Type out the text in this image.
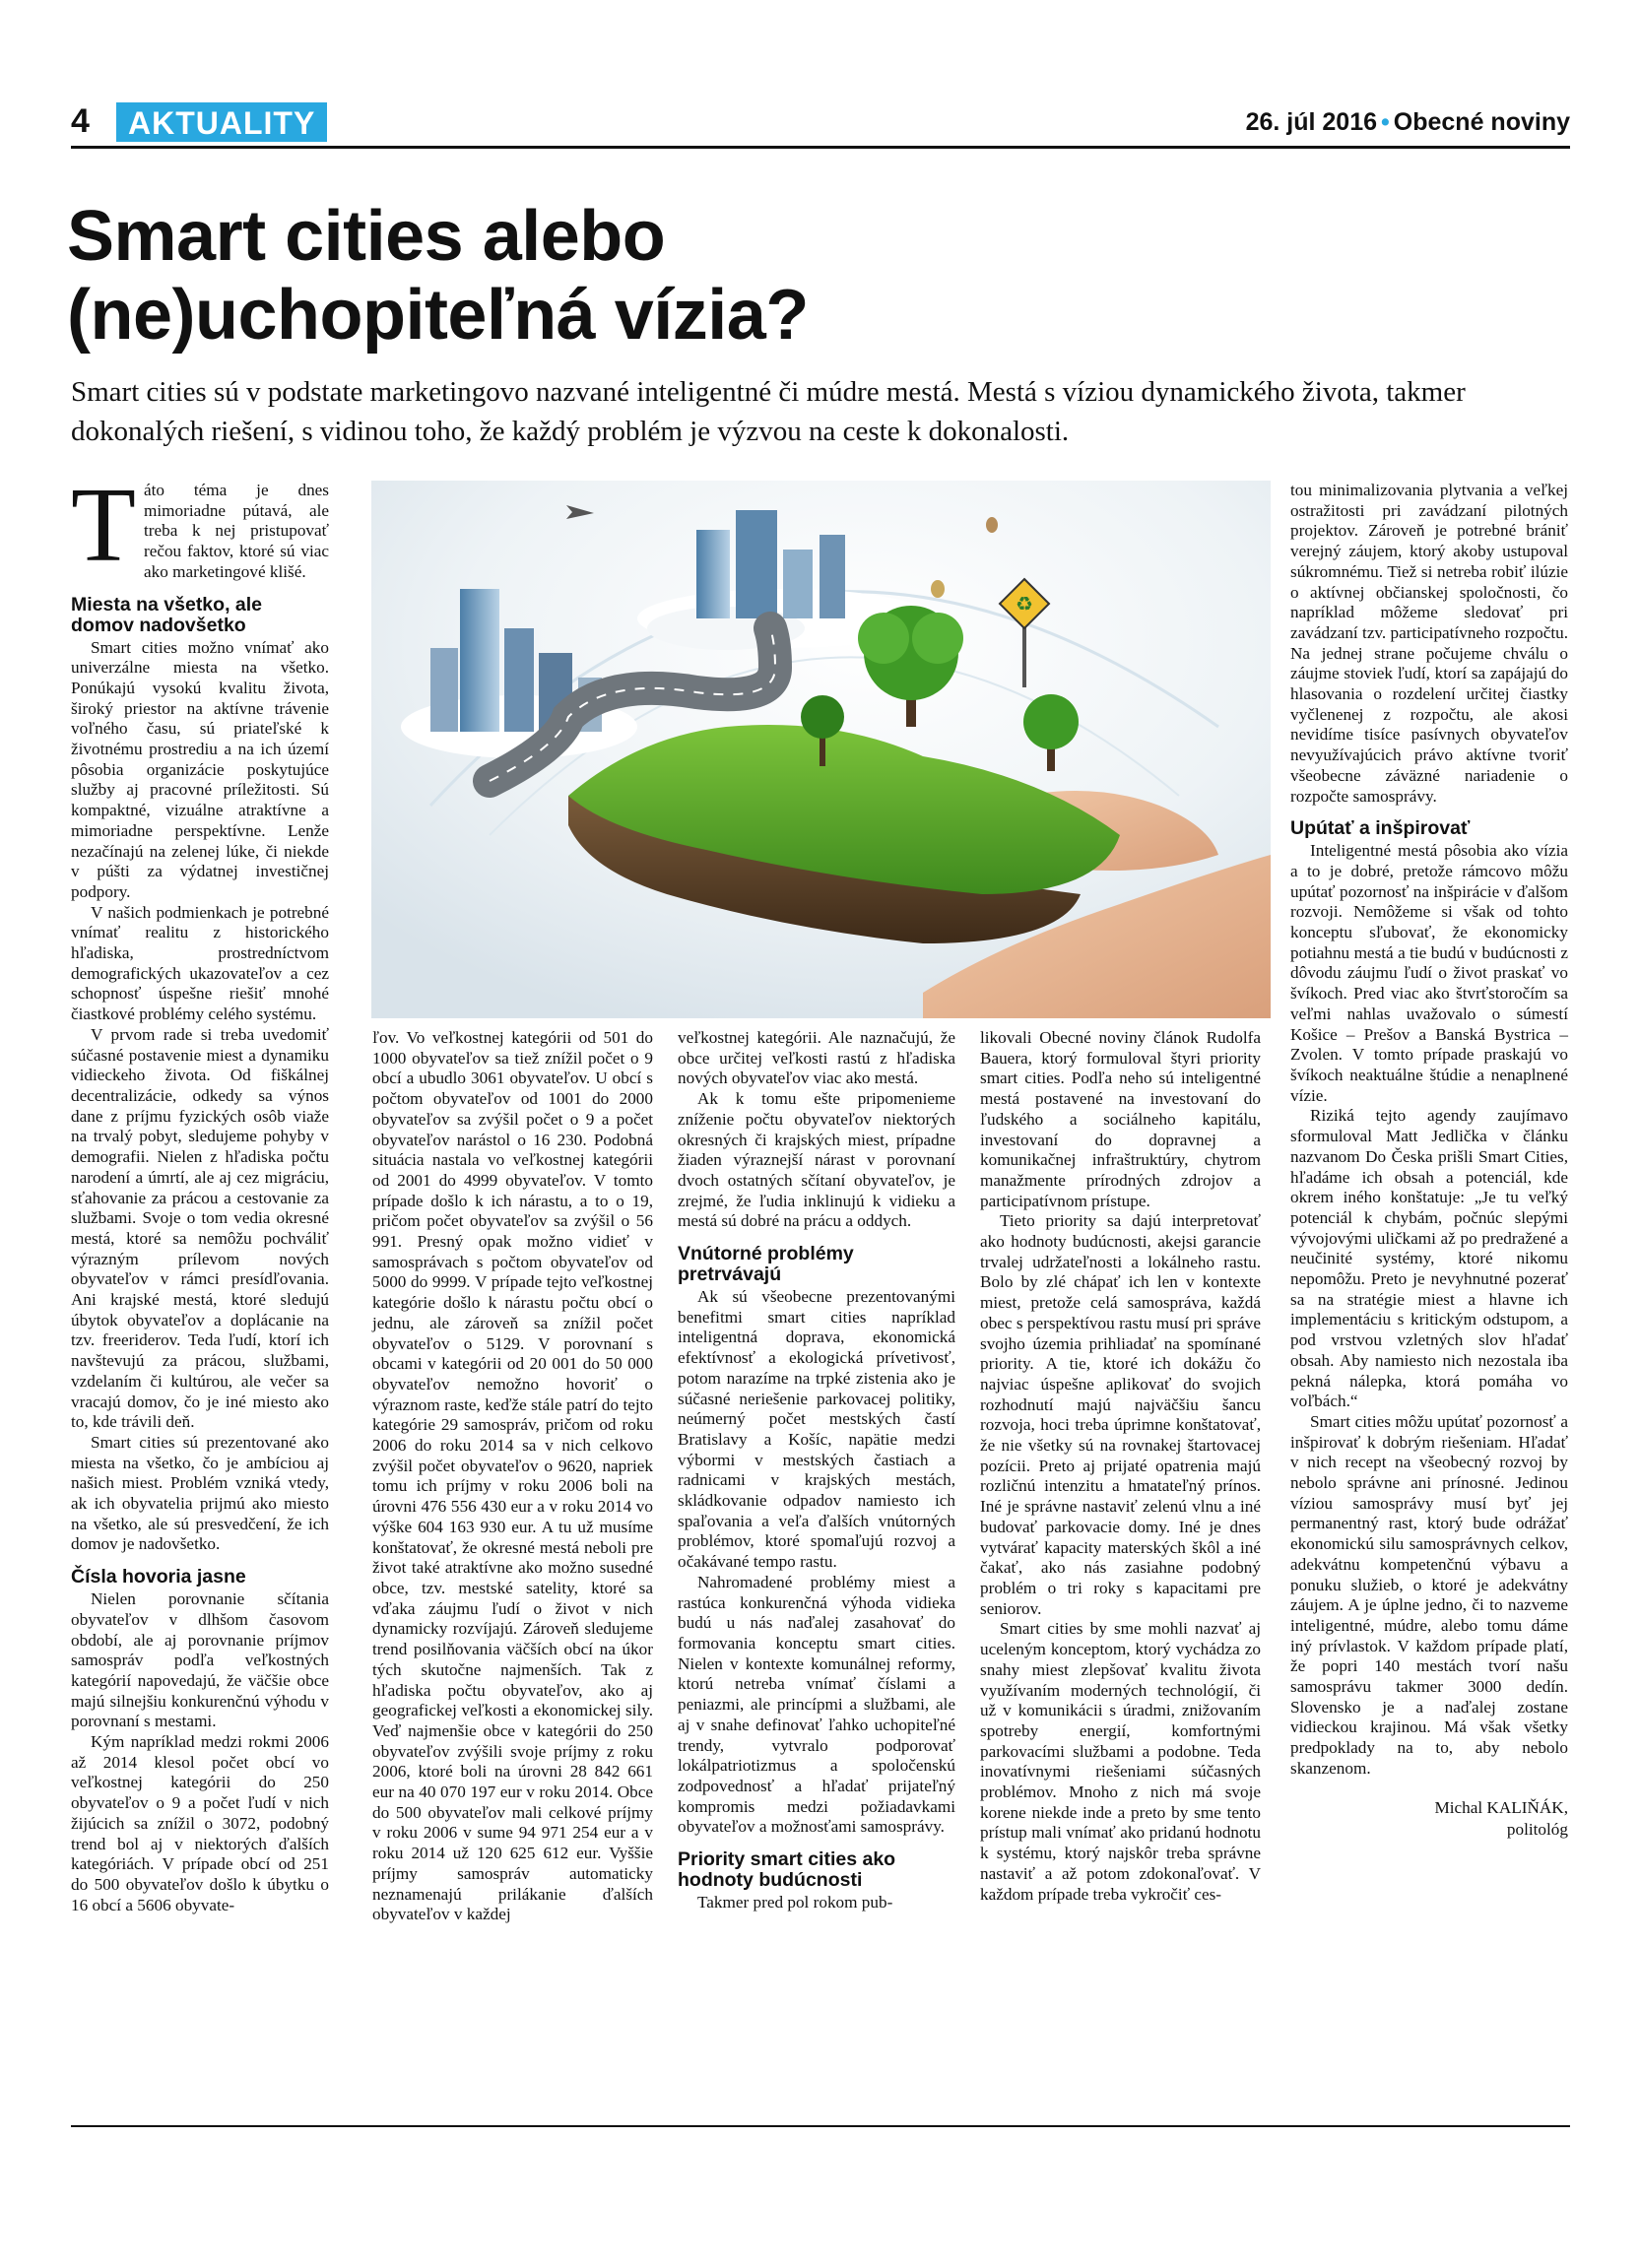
4	AKTUALITY	26. júl 2016 • Obecné noviny
Smart cities alebo
(ne)uchopiteľná vízia?

Smart cities sú v podstate marketingovo nazvané inteligentné či múdre mestá. Mestá s víziou dynamického života, takmer dokonalých riešení, s vidinou toho, že každý problém je výzvou na ceste k dokonalosti.

♻

Táto téma je dnes mimoriadne pútavá, ale treba k nej pristupovať rečou faktov, ktoré sú viac ako marketingové klišé.

Miesta na všetko, ale domov nadovšetko

Smart cities možno vnímať ako univerzálne miesta na všetko. Ponúkajú vysokú kvalitu života, široký priestor na aktívne trávenie voľného času, sú priateľské k životnému prostrediu a na ich území pôsobia organizácie poskytujúce služby aj pracovné príležitosti. Sú kompaktné, vizuálne atraktívne a mimoriadne perspektívne. Lenže nezačínajú na zelenej lúke, či niekde v púšti za výdatnej investičnej podpory.

V našich podmienkach je potrebné vnímať realitu z historického hľadiska, prostredníctvom demografických ukazovateľov a cez schopnosť úspešne riešiť mnohé čiastkové problémy celého systému.

V prvom rade si treba uvedomiť súčasné postavenie miest a dynamiku vidieckeho života. Od fiškálnej decentralizácie, odkedy sa výnos dane z príjmu fyzických osôb viaže na trvalý pobyt, sledujeme pohyby v demografii. Nielen z hľadiska počtu narodení a úmrtí, ale aj cez migráciu, sťahovanie za prácou a cestovanie za službami. Svoje o tom vedia okresné mestá, ktoré sa nemôžu pochváliť výrazným prílevom nových obyvateľov v rámci presídľovania. Ani krajské mestá, ktoré sledujú úbytok obyvateľov a doplácanie na tzv. freeriderov. Teda ľudí, ktorí ich navštevujú za prácou, službami, vzdelaním či kultúrou, ale večer sa vracajú domov, čo je iné miesto ako to, kde trávili deň.

Smart cities sú prezentované ako miesta na všetko, čo je ambíciou aj našich miest. Problém vzniká vtedy, ak ich obyvatelia prijmú ako miesto na všetko, ale sú presvedčení, že ich domov je nadovšetko.

Čísla hovoria jasne

Nielen porovnanie sčítania obyvateľov v dlhšom časovom období, ale aj porovnanie príjmov samospráv podľa veľkostných kategórií napovedajú, že väčšie obce majú silnejšiu konkurenčnú výhodu v porovnaní s mestami.

Kým napríklad medzi rokmi 2006 až 2014 klesol počet obcí vo veľkostnej kategórii do 250 obyvateľov o 9 a počet ľudí v nich žijúcich sa znížil o 3072, podobný trend bol aj v niektorých ďalších kategóriách. V prípade obcí od 251 do 500 obyvateľov došlo k úbytku o 16 obcí a 5606 obyvate-

ľov. Vo veľkostnej kategórii od 501 do 1000 obyvateľov sa tiež znížil počet o 9 obcí a ubudlo 3061 obyvateľov. U obcí s počtom obyvateľov od 1001 do 2000 obyvateľov sa zvýšil počet o 9 a počet obyvateľov narástol o 16 230. Podobná situácia nastala vo veľkostnej kategórii od 2001 do 4999 obyvateľov. V tomto prípade došlo k ich nárastu, a to o 19, pričom počet obyvateľov sa zvýšil o 56 991. Presný opak možno vidieť v samosprávach s počtom obyvateľov od 5000 do 9999. V prípade tejto veľkostnej kategórie došlo k nárastu počtu obcí o jednu, ale zároveň sa znížil počet obyvateľov o 5129. V porovnaní s obcami v kategórii od 20 001 do 50 000 obyvateľov nemožno hovoriť o výraznom raste, keďže stále patrí do tejto kategórie 29 samospráv, pričom od roku 2006 do roku 2014 sa v nich celkovo zvýšil počet obyvateľov o 9620, napriek tomu ich príjmy v roku 2006 boli na úrovni 476 556 430 eur a v roku 2014 vo výške 604 163 930 eur. A tu už musíme konštatovať, že okresné mestá neboli pre život také atraktívne ako možno susedné obce, tzv. mestské satelity, ktoré sa vďaka záujmu ľudí o život v nich dynamicky rozvíjajú. Zároveň sledujeme trend posilňovania väčších obcí na úkor tých skutočne najmenších. Tak z hľadiska počtu obyvateľov, ako aj geografickej veľkosti a ekonomickej sily. Veď najmenšie obce v kategórii do 250 obyvateľov zvýšili svoje príjmy z roku 2006, ktoré boli na úrovni 28 842 661 eur na 40 070 197 eur v roku 2014. Obce do 500 obyvateľov mali celkové príjmy v roku 2006 v sume 94 971 254 eur a v roku 2014 už 120 625 612 eur. Vyššie príjmy samospráv automaticky neznamenajú prilákanie ďalších obyvateľov v každej

veľkostnej kategórii. Ale naznačujú, že obce určitej veľkosti rastú z hľadiska nových obyvateľov viac ako mestá.

Ak k tomu ešte pripomenieme zníženie počtu obyvateľov niektorých okresných či krajských miest, prípadne žiaden výraznejší nárast v porovnaní dvoch ostatných sčítaní obyvateľov, je zrejmé, že ľudia inklinujú k vidieku a mestá sú dobré na prácu a oddych.

Vnútorné problémy pretrvávajú

Ak sú všeobecne prezentovanými benefitmi smart cities napríklad inteligentná doprava, ekonomická efektívnosť a ekologická prívetivosť, potom narazíme na trpké zistenia ako je súčasné neriešenie parkovacej politiky, neúmerný počet mestských častí Bratislavy a Košíc, napätie medzi výbormi v mestských častiach a radnicami v krajských mestách, skládkovanie odpadov namiesto ich spaľovania a veľa ďalších vnútorných problémov, ktoré spomaľujú rozvoj a očakávané tempo rastu.

Nahromadené problémy miest a rastúca konkurenčná výhoda vidieka budú u nás naďalej zasahovať do formovania konceptu smart cities. Nielen v kontexte komunálnej reformy, ktorú netreba vnímať číslami a peniazmi, ale princípmi a službami, ale aj v snahe definovať ľahko uchopiteľné trendy, vytvralo podporovať lokálpatriotizmus a spoločenskú zodpovednosť a hľadať prijateľný kompromis medzi požiadavkami obyvateľov a možnosťami samosprávy.

Priority smart cities ako hodnoty budúcnosti

Takmer pred pol rokom pub-

likovali Obecné noviny článok Rudolfa Bauera, ktorý formuloval štyri priority smart cities. Podľa neho sú inteligentné mestá postavené na investovaní do ľudského a sociálneho kapitálu, investovaní do dopravnej a komunikačnej infraštruktúry, chytrom manažmente prírodných zdrojov a participatívnom prístupe.

Tieto priority sa dajú interpretovať ako hodnoty budúcnosti, akejsi garancie trvalej udržateľnosti a lokálneho rastu. Bolo by zlé chápať ich len v kontexte miest, pretože celá samospráva, každá obec s perspektívou rastu musí pri správe svojho územia prihliadať na spomínané priority. A tie, ktoré ich dokážu čo najviac úspešne aplikovať do svojich rozhodnutí majú najväčšiu šancu rozvoja, hoci treba úprimne konštatovať, že nie všetky sú na rovnakej štartovacej pozícii. Preto aj prijaté opatrenia majú rozličnú intenzitu a hmatateľný prínos. Iné je správne nastaviť zelenú vlnu a iné budovať parkovacie domy. Iné je dnes vytvárať kapacity materských škôl a iné čakať, ako nás zasiahne podobný problém o tri roky s kapacitami pre seniorov.

Smart cities by sme mohli nazvať aj uceleným konceptom, ktorý vychádza zo snahy miest zlepšovať kvalitu života využívaním moderných technológií, či už v komunikácii s úradmi, znižovaním spotreby energií, komfortnými parkovacími službami a podobne. Teda inovatívnymi riešeniami súčasných problémov. Mnoho z nich má svoje korene niekde inde a preto by sme tento prístup mali vnímať ako pridanú hodnotu k systému, ktorý najskôr treba správne nastaviť a až potom zdokonaľovať. V každom prípade treba vykročiť ces-

tou minimalizovania plytvania a veľkej ostražitosti pri zavádzaní pilotných projektov. Zároveň je potrebné brániť verejný záujem, ktorý akoby ustupoval súkromnému. Tiež si netreba robiť ilúzie o aktívnej občianskej spoločnosti, čo napríklad môžeme sledovať pri zavádzaní tzv. participatívneho rozpočtu. Na jednej strane počujeme chválu o záujme stoviek ľudí, ktorí sa zapájajú do hlasovania o rozdelení určitej čiastky vyčlenenej z rozpočtu, ale akosi nevidíme tisíce pasívnych obyvateľov nevyužívajúcich právo aktívne tvoriť všeobecne záväzné nariadenie o rozpočte samosprávy.

Upútať a inšpirovať

Inteligentné mestá pôsobia ako vízia a to je dobré, pretože rámcovo môžu upútať pozornosť na inšpirácie v ďalšom rozvoji. Nemôžeme si však od tohto konceptu sľubovať, že ekonomicky potiahnu mestá a tie budú v budúcnosti z dôvodu záujmu ľudí o život praskať vo švíkoch. Pred viac ako štvrťstoročím sa veľmi nahlas uvažovalo o súmestí Košice – Prešov a Banská Bystrica – Zvolen. V tomto prípade praskajú vo švíkoch neaktuálne štúdie a nenaplnené vízie.

Riziká tejto agendy zaujímavo sformuloval Matt Jedlička v článku nazvanom Do Česka prišli Smart Cities, hľadáme ich obsah a potenciál, kde okrem iného konštatuje: „Je tu veľký potenciál k chybám, počnúc slepými vývojovými uličkami až po predražené a neučinité systémy, ktoré nikomu nepomôžu. Preto je nevyhnutné pozerať sa na stratégie miest a hlavne ich implementáciu s kritickým odstupom, a pod vrstvou vzletných slov hľadať obsah. Aby namiesto nich nezostala iba pekná nálepka, ktorá pomáha vo voľbách.“

Smart cities môžu upútať pozornosť a inšpirovať k dobrým riešeniam. Hľadať v nich recept na všeobecný rozvoj by nebolo správne ani prínosné. Jedinou víziou samosprávy musí byť jej permanentný rast, ktorý bude odrážať ekonomickú silu samosprávnych celkov, adekvátnu kompetenčnú výbavu a ponuku služieb, o ktoré je adekvátny záujem. A je úplne jedno, či to nazveme inteligentné, múdre, alebo tomu dáme iný prívlastok. V každom prípade platí, že popri 140 mestách tvorí našu samosprávu takmer 3000 dedín. Slovensko je a naďalej zostane vidieckou krajinou. Má však všetky predpoklady na to, aby nebolo skanzenom.

Michal KALIŇÁK,
politológ
